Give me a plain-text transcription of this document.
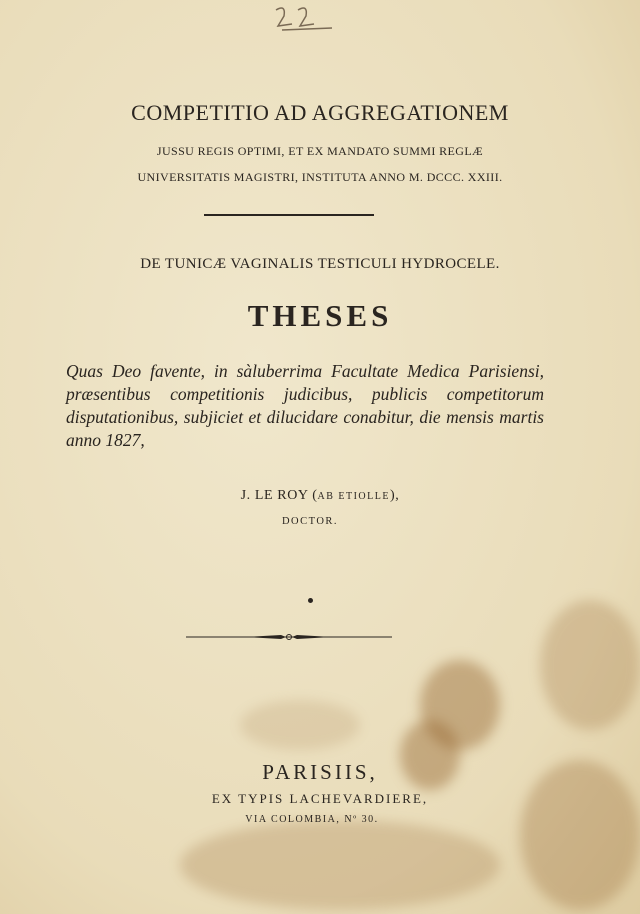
COMPETITIO AD AGGREGATIONEM
JUSSU REGIS OPTIMI, ET EX MANDATO SUMMI REGLÆ
UNIVERSITATIS MAGISTRI, INSTITUTA ANNO M. DCCC. XXIII.
DE TUNICÆ VAGINALIS TESTICULI HYDROCELE.
THESES

Quas Deo favente, in sàluberrima Facultate Medica Parisiensi, præsentibus competitionis judicibus, publicis competitorum disputationibus, subjiciet et dilucidare conabitur, die mensis martis anno 1827,

J. LE ROY (AB ETIOLLE),
DOCTOR.
PARISIIS,
EX TYPIS LACHEVARDIERE,
VIA COLOMBIA, Nº 30.
